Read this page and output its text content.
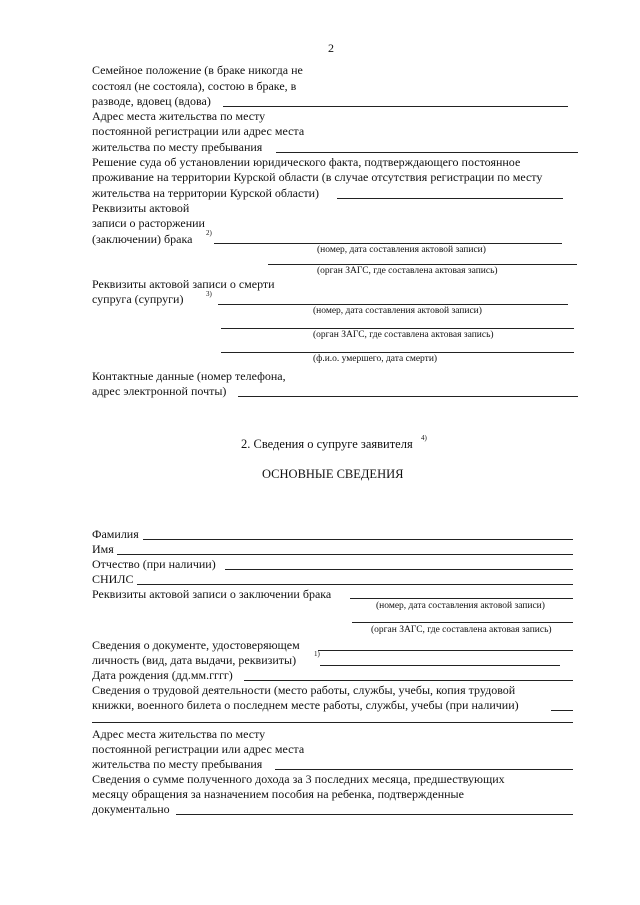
2
Семейное положение (в браке никогда не
состоял (не состояла), состою в браке, в
разводе, вдовец (вдова)
Адрес места жительства по месту
постоянной регистрации или адрес места
жительства по месту пребывания
Решение суда об установлении юридического факта, подтверждающего постоянное
проживание на территории Курской области (в случае отсутствия регистрации по месту
жительства на территории Курской области)
Реквизиты актовой
записи о расторжении
(заключении) брака 2)
(номер, дата составления актовой записи)
(орган ЗАГС, где составлена актовая запись)
Реквизиты актовой записи о смерти
супруга (супруги)	3)
(номер, дата составления актовой записи)
(орган ЗАГС, где составлена актовая запись)
(ф.и.о. умершего, дата смерти)
Контактные данные (номер телефона,
адрес электронной почты)
2. Сведения о супруге заявителя 4)
ОСНОВНЫЕ СВЕДЕНИЯ
Фамилия
Имя
Отчество (при наличии)
СНИЛС
Реквизиты актовой записи о заключении брака
(номер, дата составления актовой записи)
(орган ЗАГС, где составлена актовая запись)
Сведения о документе, удостоверяющем
личность (вид, дата выдачи, реквизиты)	1)
Дата рождения (дд.мм.гггг)
Сведения о трудовой деятельности (место работы, службы, учебы, копия трудовой
книжки, военного билета о последнем месте работы, службы, учебы (при наличии)
Адрес места жительства по месту
постоянной регистрации или адрес места
жительства по месту пребывания
Сведения о сумме полученного дохода за 3 последних месяца, предшествующих
месяцу обращения за назначением пособия на ребенка, подтвержденные
документально
